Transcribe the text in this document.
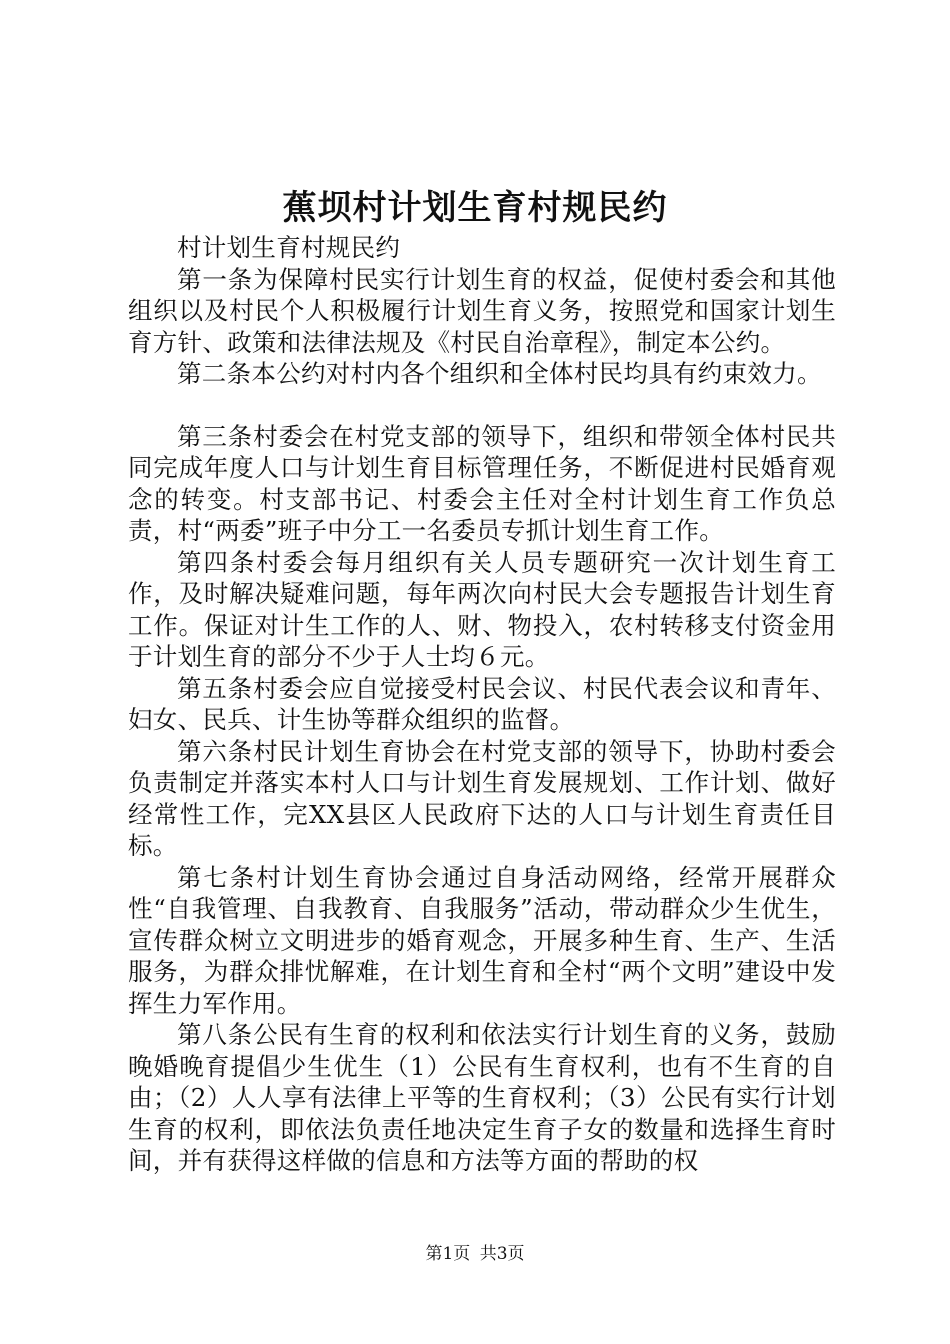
蕉坝村计划生育村规民约

村计划生育村规民约

第一条为保障村民实行计划生育的权益，促使村委会和其他组织以及村民个人积极履行计划生育义务，按照党和国家计划生育方针、政策和法律法规及《村民自治章程》，制定本公约。

第二条本公约对村内各个组织和全体村民均具有约束效力。

第三条村委会在村党支部的领导下，组织和带领全体村民共同完成年度人口与计划生育目标管理任务，不断促进村民婚育观念的转变。村支部书记、村委会主任对全村计划生育工作负总责，村“两委”班子中分工一名委员专抓计划生育工作。

第四条村委会每月组织有关人员专题研究一次计划生育工作，及时解决疑难问题，每年两次向村民大会专题报告计划生育工作。保证对计生工作的人、财、物投入，农村转移支付资金用于计划生育的部分不少于人士均６元。

第五条村委会应自觉接受村民会议、村民代表会议和青年、妇女、民兵、计生协等群众组织的监督。

第六条村民计划生育协会在村党支部的领导下，协助村委会负责制定并落实本村人口与计划生育发展规划、工作计划、做好经常性工作，完XX县区人民政府下达的人口与计划生育责任目标。

第七条村计划生育协会通过自身活动网络，经常开展群众性“自我管理、自我教育、自我服务”活动，带动群众少生优生，宣传群众树立文明进步的婚育观念，开展多种生育、生产、生活服务，为群众排忧解难，在计划生育和全村“两个文明”建设中发挥生力军作用。

第八条公民有生育的权利和依法实行计划生育的义务，鼓励晚婚晚育提倡少生优生（1）公民有生育权利，也有不生育的自由；（2）人人享有法律上平等的生育权利；（3）公民有实行计划生育的权利，即依法负责任地决定生育子女的数量和选择生育时间，并有获得这样做的信息和方法等方面的帮助的权

第1页 共3页
